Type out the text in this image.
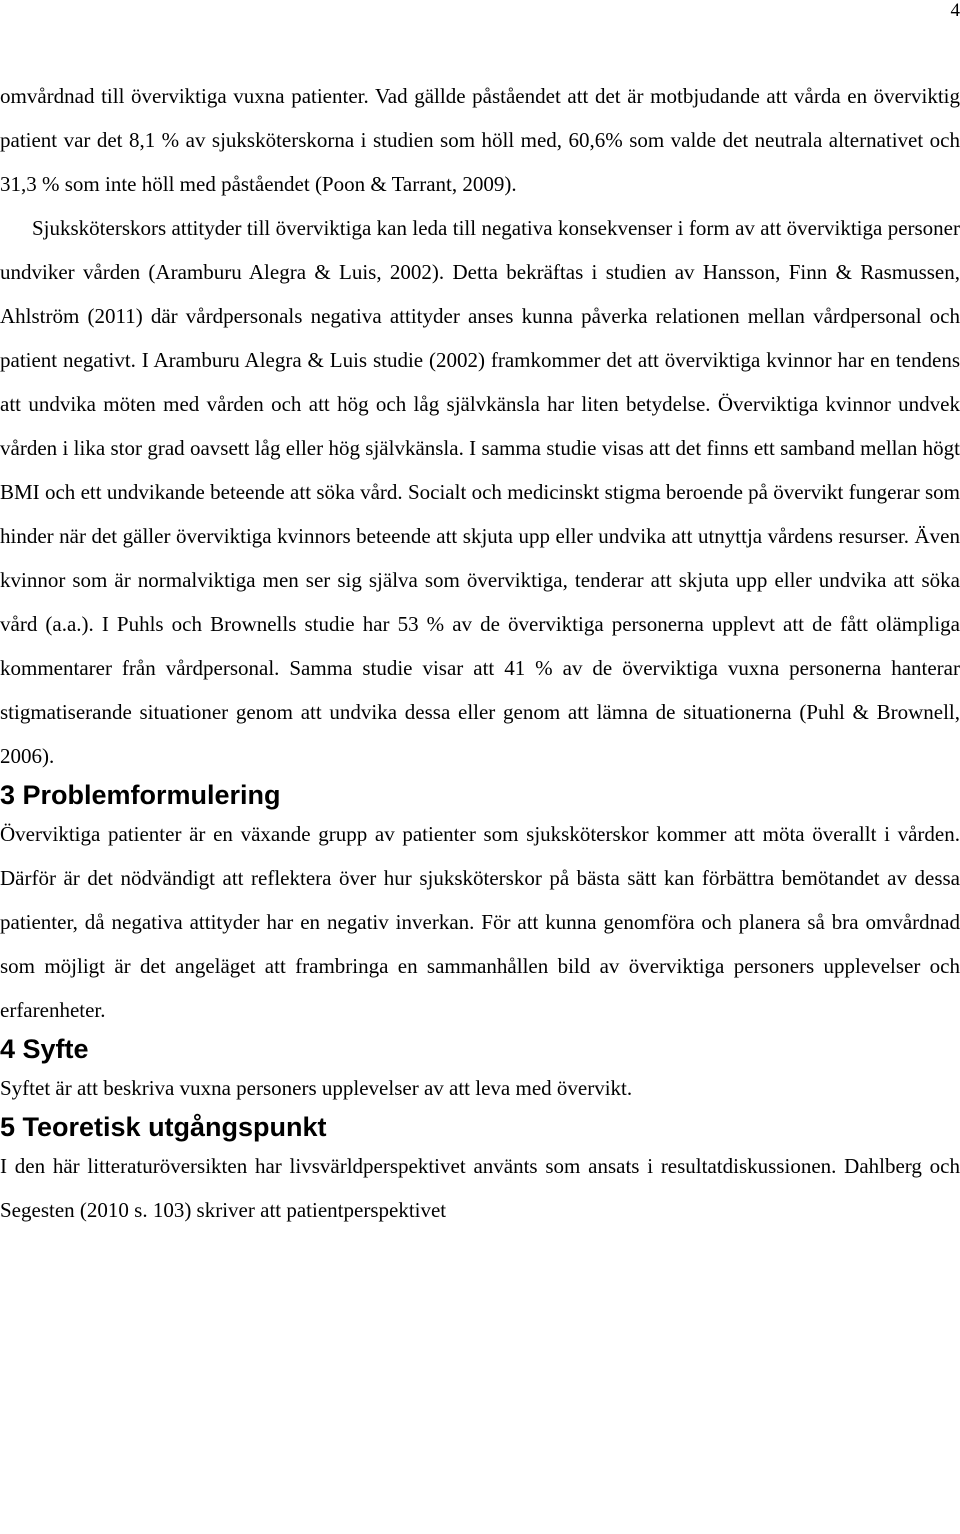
4

omvårdnad till överviktiga vuxna patienter. Vad gällde påståendet att det är motbjudande att vårda en överviktig patient var det 8,1 % av sjuksköterskorna i studien som höll med, 60,6% som valde det neutrala alternativet och 31,3 % som inte höll med påståendet (Poon & Tarrant, 2009).

Sjuksköterskors attityder till överviktiga kan leda till negativa konsekvenser i form av att överviktiga personer undviker vården (Aramburu Alegra & Luis, 2002). Detta bekräftas i studien av Hansson, Finn & Rasmussen, Ahlström (2011) där vårdpersonals negativa attityder anses kunna påverka relationen mellan vårdpersonal och patient negativt. I Aramburu Alegra & Luis studie (2002) framkommer det att överviktiga kvinnor har en tendens att undvika möten med vården och att hög och låg självkänsla har liten betydelse. Överviktiga kvinnor undvek vården i lika stor grad oavsett låg eller hög självkänsla. I samma studie visas att det finns ett samband mellan högt BMI och ett undvikande beteende att söka vård. Socialt och medicinskt stigma beroende på övervikt fungerar som hinder när det gäller överviktiga kvinnors beteende att skjuta upp eller undvika att utnyttja vårdens resurser. Även kvinnor som är normalviktiga men ser sig själva som överviktiga, tenderar att skjuta upp eller undvika att söka vård (a.a.). I Puhls och Brownells studie har 53 % av de överviktiga personerna upplevt att de fått olämpliga kommentarer från vårdpersonal. Samma studie visar att 41 % av de överviktiga vuxna personerna hanterar stigmatiserande situationer genom att undvika dessa eller genom att lämna de situationerna (Puhl & Brownell, 2006).

3 Problemformulering

Överviktiga patienter är en växande grupp av patienter som sjuksköterskor kommer att möta överallt i vården. Därför är det nödvändigt att reflektera över hur sjuksköterskor på bästa sätt kan förbättra bemötandet av dessa patienter, då negativa attityder har en negativ inverkan. För att kunna genomföra och planera så bra omvårdnad som möjligt är det angeläget att frambringa en sammanhållen bild av överviktiga personers upplevelser och erfarenheter.

4 Syfte

Syftet är att beskriva vuxna personers upplevelser av att leva med övervikt.

5 Teoretisk utgångspunkt

I den här litteraturöversikten har livsvärldperspektivet använts som ansats i resultatdiskussionen. Dahlberg och Segesten (2010 s. 103) skriver att patientperspektivet
